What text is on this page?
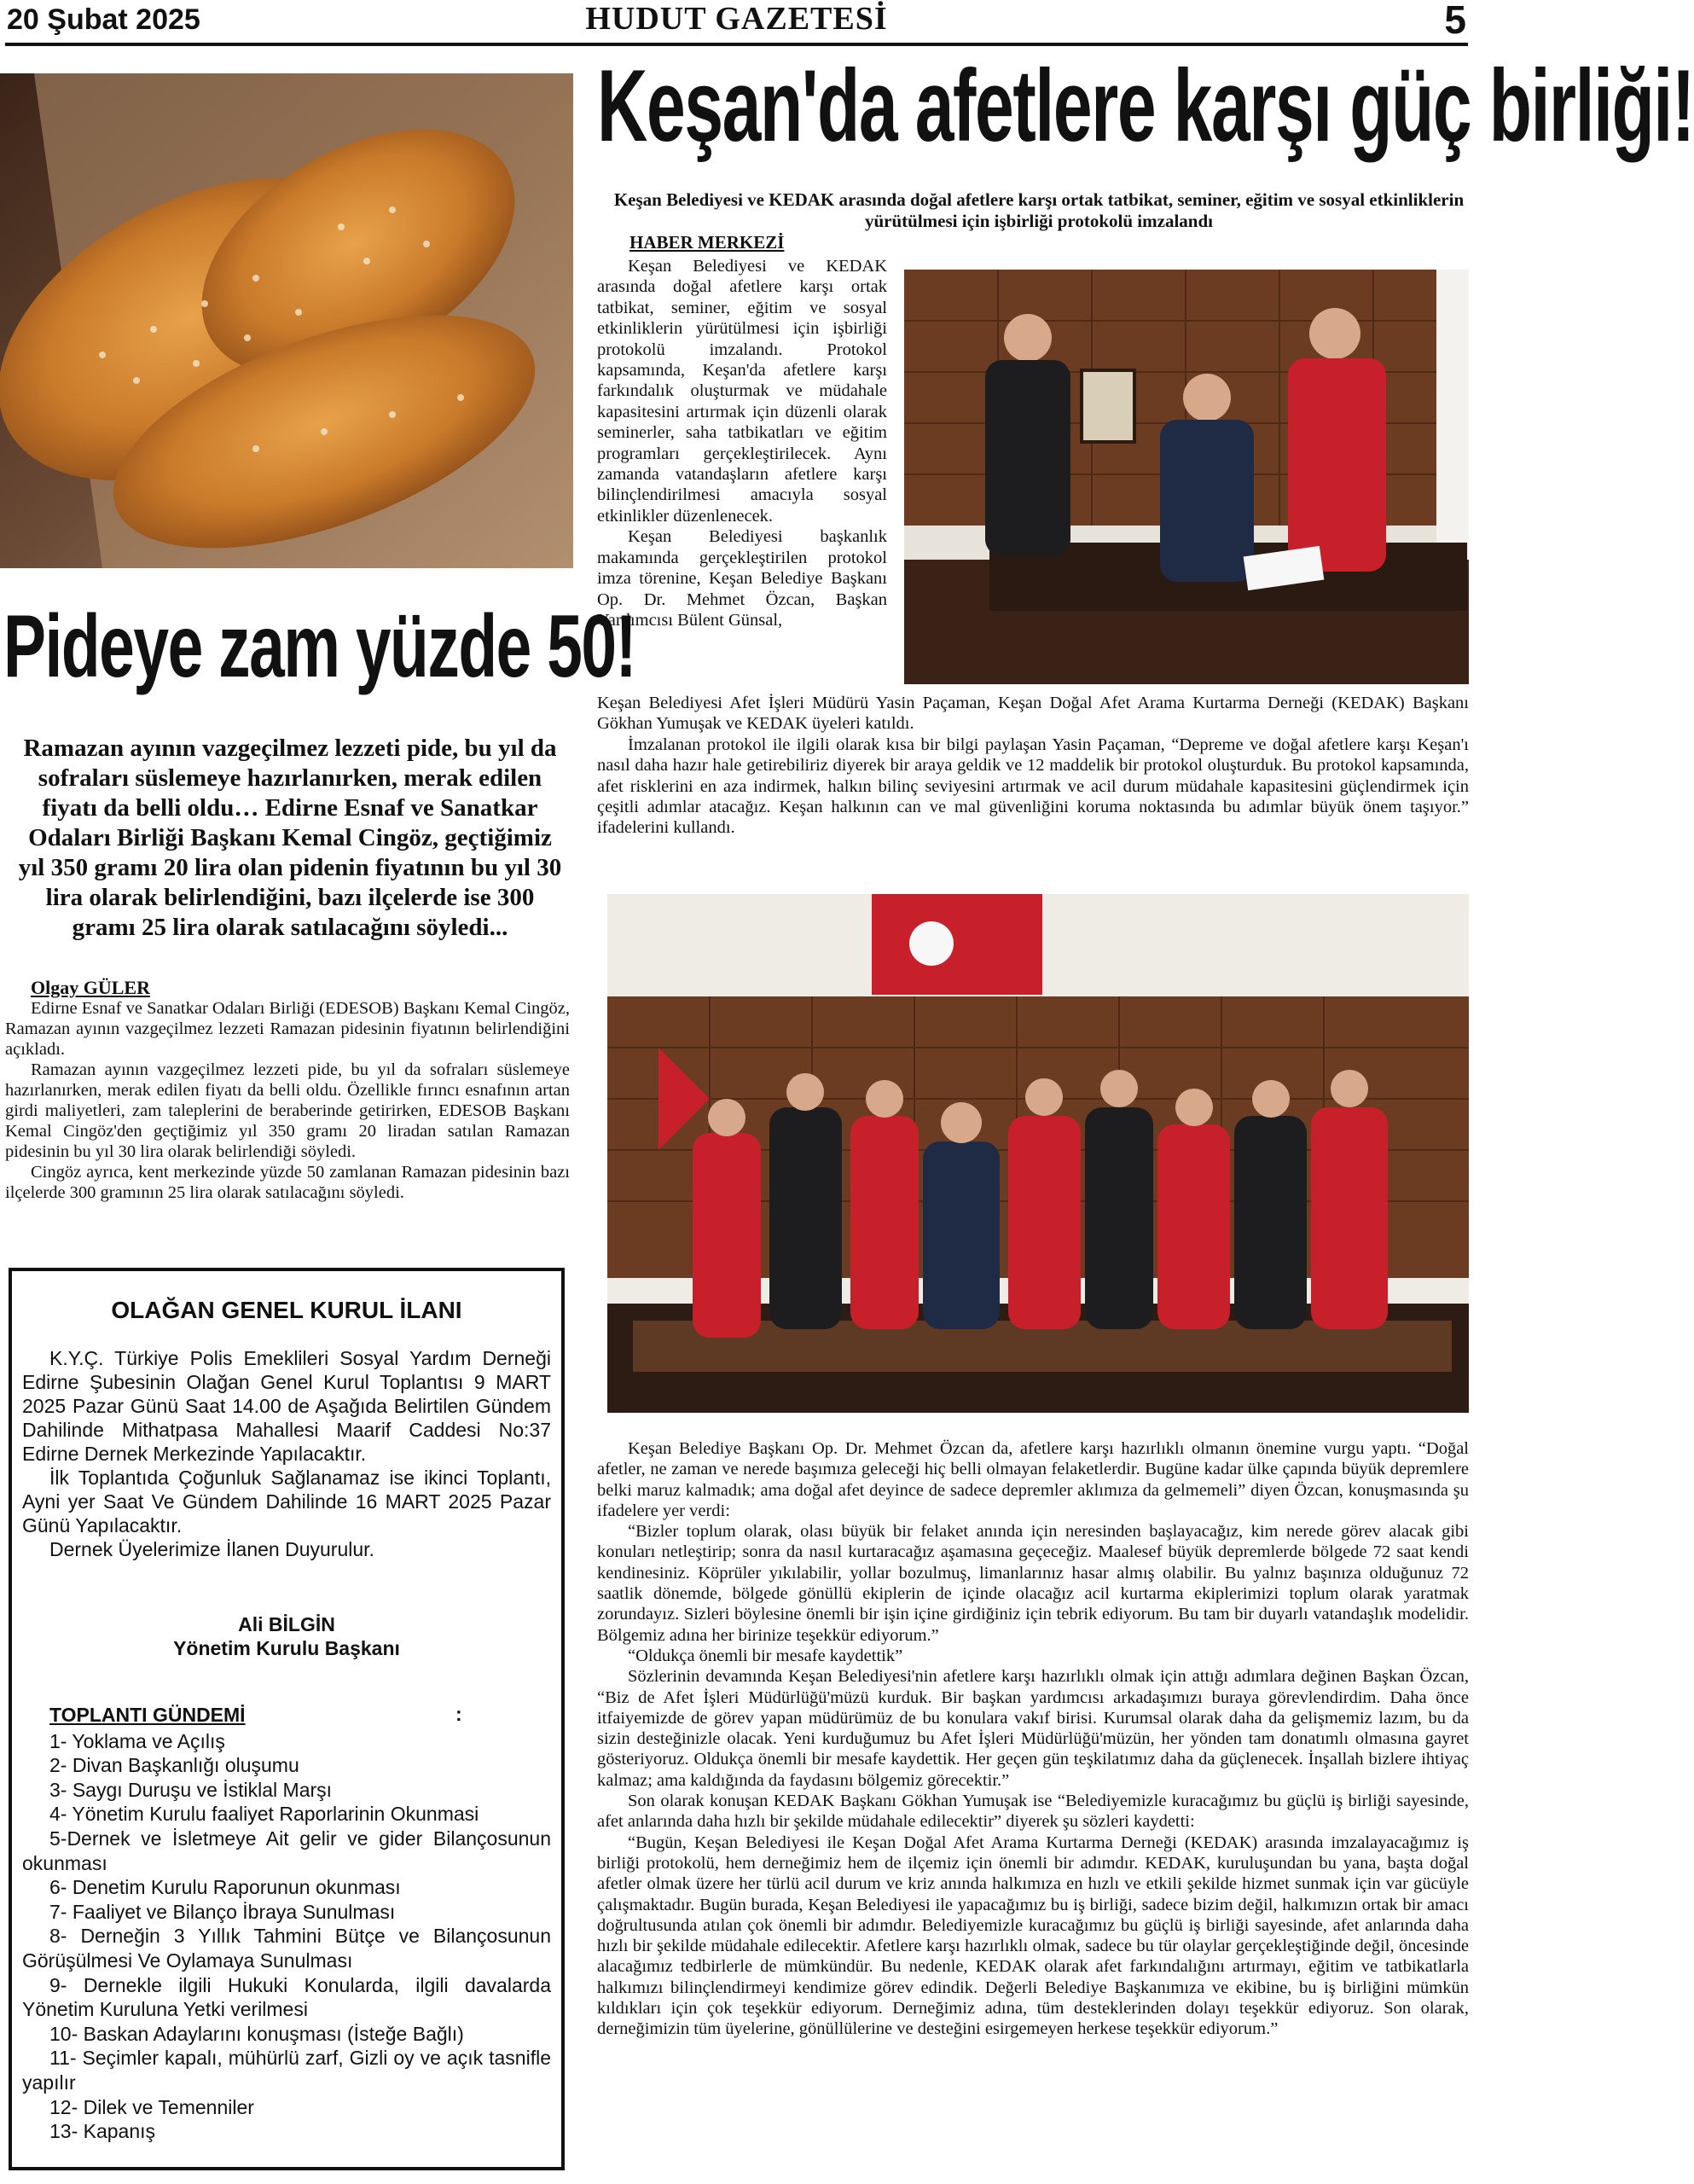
HUDUT GAZETESİ
20 Şubat 2025	5
Pideye zam yüzde 50!
Ramazan ayının vazgeçilmez lezzeti pide, bu yıl da sofraları süslemeye hazırlanırken, merak edilen fiyatı da belli oldu… Edirne Esnaf ve Sanatkar Odaları Birliği Başkanı Kemal Cingöz, geçtiğimiz yıl 350 gramı 20 lira olan pidenin fiyatının bu yıl 30 lira olarak belirlendiğini, bazı ilçelerde ise 300 gramı 25 lira olarak satılacağını söyledi...
Olgay GÜLER

Edirne Esnaf ve Sanatkar Odaları Birliği (EDESOB) Başkanı Kemal Cingöz, Ramazan ayının vazgeçilmez lezzeti Ramazan pidesinin fiyatının belirlendiğini açıkladı.

Ramazan ayının vazgeçilmez lezzeti pide, bu yıl da sofraları süslemeye hazırlanırken, merak edilen fiyatı da belli oldu. Özellikle fırıncı esnafının artan girdi maliyetleri, zam taleplerini de beraberinde getirirken, EDESOB Başkanı Kemal Cingöz'den geçtiğimiz yıl 350 gramı 20 liradan satılan Ramazan pidesinin bu yıl 30 lira olarak belirlendiği söyledi.

Cingöz ayrıca, kent merkezinde yüzde 50 zamlanan Ramazan pidesinin bazı ilçelerde 300 gramının 25 lira olarak satılacağını söyledi.

OLAĞAN GENEL KURUL İLANI

K.Y.Ç. Türkiye Polis Emeklileri Sosyal Yardım Derneği Edirne Şubesinin Olağan Genel Kurul Toplantısı 9 MART 2025 Pazar Günü Saat 14.00 de Aşağıda Belirtilen Gündem Dahilinde Mithatpasa Mahallesi Maarif Caddesi No:37 Edirne Dernek Merkezinde Yapılacaktır.

İlk Toplantıda Çoğunluk Sağlanamaz ise ikinci Toplantı, Ayni yer Saat Ve Gündem Dahilinde 16 MART 2025 Pazar Günü Yapılacaktır.

Dernek Üyelerimize İlanen Duyurulur.

Ali BİLGİN
Yönetim Kurulu Başkanı
TOPLANTI GÜNDEMİ
1- Yoklama ve Açılış
2- Divan Başkanlığı oluşumu
3- Saygı Duruşu ve İstiklal Marşı
4- Yönetim Kurulu faaliyet Raporlarinin Okunmasi
5-Dernek ve İsletmeye Ait gelir ve gider Bilançosunun okunması
6- Denetim Kurulu Raporunun okunması
7- Faaliyet ve Bilanço İbraya Sunulması
8- Derneğin 3 Yıllık Tahmini Bütçe ve Bilançosunun Görüşülmesi Ve Oylamaya Sunulması
9- Dernekle ilgili Hukuki Konularda, ilgili davalarda Yönetim Kuruluna Yetki verilmesi
10- Baskan Adaylarını konuşması (İsteğe Bağlı)
11- Seçimler kapalı, mühürlü zarf, Gizli oy ve açık tasnifle yapılır
12- Dilek ve Temenniler
13- Kapanış
:
Keşan'da afetlere karşı güç birliği!
Keşan Belediyesi ve KEDAK arasında doğal afetlere karşı ortak tatbikat, seminer, eğitim ve sosyal etkinliklerin yürütülmesi için işbirliği protokolü imzalandı
HABER MERKEZİ

Keşan Belediyesi ve KEDAK arasında doğal afetlere karşı ortak tatbikat, seminer, eğitim ve sosyal etkinliklerin yürütülmesi için işbirliği protokolü imzalandı. Protokol kapsamında, Keşan'da afetlere karşı farkındalık oluşturmak ve müdahale kapasitesini artırmak için düzenli olarak seminerler, saha tatbikatları ve eğitim programları gerçekleştirilecek. Aynı zamanda vatandaşların afetlere karşı bilinçlendirilmesi amacıyla sosyal etkinlikler düzenlenecek.

Keşan Belediyesi başkanlık makamında gerçekleştirilen protokol imza törenine, Keşan Belediye Başkanı Op. Dr. Mehmet Özcan, Başkan Yardımcısı Bülent Günsal,

Keşan Belediyesi Afet İşleri Müdürü Yasin Paçaman, Keşan Doğal Afet Arama Kurtarma Derneği (KEDAK) Başkanı Gökhan Yumuşak ve KEDAK üyeleri katıldı.

İmzalanan protokol ile ilgili olarak kısa bir bilgi paylaşan Yasin Paçaman, “Depreme ve doğal afetlere karşı Keşan'ı nasıl daha hazır hale getirebiliriz diyerek bir araya geldik ve 12 maddelik bir protokol oluşturduk. Bu protokol kapsamında, afet risklerini en aza indirmek, halkın bilinç seviyesini artırmak ve acil durum müdahale kapasitesini güçlendirmek için çeşitli adımlar atacağız. Keşan halkının can ve mal güvenliğini koruma noktasında bu adımlar büyük önem taşıyor.” ifadelerini kullandı.

Keşan Belediye Başkanı Op. Dr. Mehmet Özcan da, afetlere karşı hazırlıklı olmanın önemine vurgu yaptı. “Doğal afetler, ne zaman ve nerede başımıza geleceği hiç belli olmayan felaketlerdir. Bugüne kadar ülke çapında büyük depremlere belki maruz kalmadık; ama doğal afet deyince de sadece depremler aklımıza da gelmemeli” diyen Özcan, konuşmasında şu ifadelere yer verdi:

“Bizler toplum olarak, olası büyük bir felaket anında için neresinden başlayacağız, kim nerede görev alacak gibi konuları netleştirip; sonra da nasıl kurtaracağız aşamasına geçeceğiz. Maalesef büyük depremlerde bölgede 72 saat kendi kendinesiniz. Köprüler yıkılabilir, yollar bozulmuş, limanlarınız hasar almış olabilir. Bu yalnız başınıza olduğunuz 72 saatlik dönemde, bölgede gönüllü ekiplerin de içinde olacağız acil kurtarma ekiplerimizi toplum olarak yaratmak zorundayız. Sizleri böylesine önemli bir işin içine girdiğiniz için tebrik ediyorum. Bu tam bir duyarlı vatandaşlık modelidir. Bölgemiz adına her birinize teşekkür ediyorum.”

“Oldukça önemli bir mesafe kaydettik”

Sözlerinin devamında Keşan Belediyesi'nin afetlere karşı hazırlıklı olmak için attığı adımlara değinen Başkan Özcan, “Biz de Afet İşleri Müdürlüğü'müzü kurduk. Bir başkan yardımcısı arkadaşımızı buraya görevlendirdim. Daha önce itfaiyemizde de görev yapan müdürümüz de bu konulara vakıf birisi. Kurumsal olarak daha da gelişmemiz lazım, bu da sizin desteğinizle olacak. Yeni kurduğumuz bu Afet İşleri Müdürlüğü'müzün, her yönden tam donatımlı olmasına gayret gösteriyoruz. Oldukça önemli bir mesafe kaydettik. Her geçen gün teşkilatımız daha da güçlenecek. İnşallah bizlere ihtiyaç kalmaz; ama kaldığında da faydasını bölgemiz görecektir.”

Son olarak konuşan KEDAK Başkanı Gökhan Yumuşak ise “Belediyemizle kuracağımız bu güçlü iş birliği sayesinde, afet anlarında daha hızlı bir şekilde müdahale edilecektir” diyerek şu sözleri kaydetti:

“Bugün, Keşan Belediyesi ile Keşan Doğal Afet Arama Kurtarma Derneği (KEDAK) arasında imzalayacağımız iş birliği protokolü, hem derneğimiz hem de ilçemiz için önemli bir adımdır. KEDAK, kuruluşundan bu yana, başta doğal afetler olmak üzere her türlü acil durum ve kriz anında halkımıza en hızlı ve etkili şekilde hizmet sunmak için var gücüyle çalışmaktadır. Bugün burada, Keşan Belediyesi ile yapacağımız bu iş birliği, sadece bizim değil, halkımızın ortak bir amacı doğrultusunda atılan çok önemli bir adımdır. Belediyemizle kuracağımız bu güçlü iş birliği sayesinde, afet anlarında daha hızlı bir şekilde müdahale edilecektir. Afetlere karşı hazırlıklı olmak, sadece bu tür olaylar gerçekleştiğinde değil, öncesinde alacağımız tedbirlerle de mümkündür. Bu nedenle, KEDAK olarak afet farkındalığını artırmayı, eğitim ve tatbikatlarla halkımızı bilinçlendirmeyi kendimize görev edindik. Değerli Belediye Başkanımıza ve ekibine, bu iş birliğini mümkün kıldıkları için çok teşekkür ediyorum. Derneğimiz adına, tüm desteklerinden dolayı teşekkür ediyoruz. Son olarak, derneğimizin tüm üyelerine, gönüllülerine ve desteğini esirgemeyen herkese teşekkür ediyorum.”
